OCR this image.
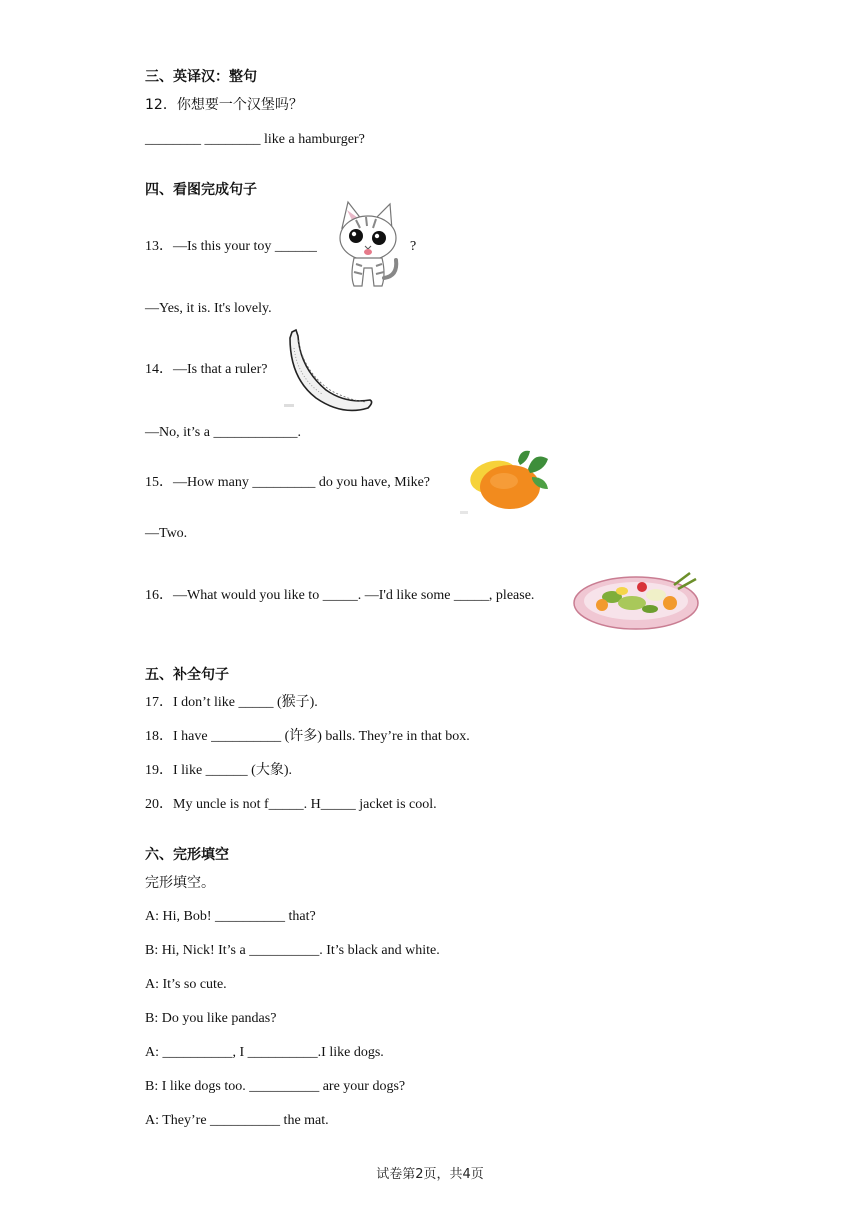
三、英译汉：整句
12．你想要一个汉堡吗？
________ ________ like a hamburger?
四、看图完成句子
13．—Is this your toy ______	?
—Yes, it is. It's lovely.
14．—Is that a ruler?
—No, it’s a ____________.
15．—How many _________ do you have, Mike?
—Two.
16．—What would you like to _____. —I'd like some _____, please.
五、补全句子
17．I don’t like _____ (猴子).
18．I have __________ (许多) balls. They’re in that box.
19．I like ______ (大象).
20．My uncle is not f_____. H_____ jacket is cool.
六、完形填空
完形填空。
A: Hi, Bob! __________ that?
B: Hi, Nick! It’s a __________. It’s black and white.
A: It’s so cute.
B: Do you like pandas?
A: __________, I __________.I like dogs.
B: I like dogs too. __________ are your dogs?
A: They’re __________ the mat.
试卷第2页，共4页
